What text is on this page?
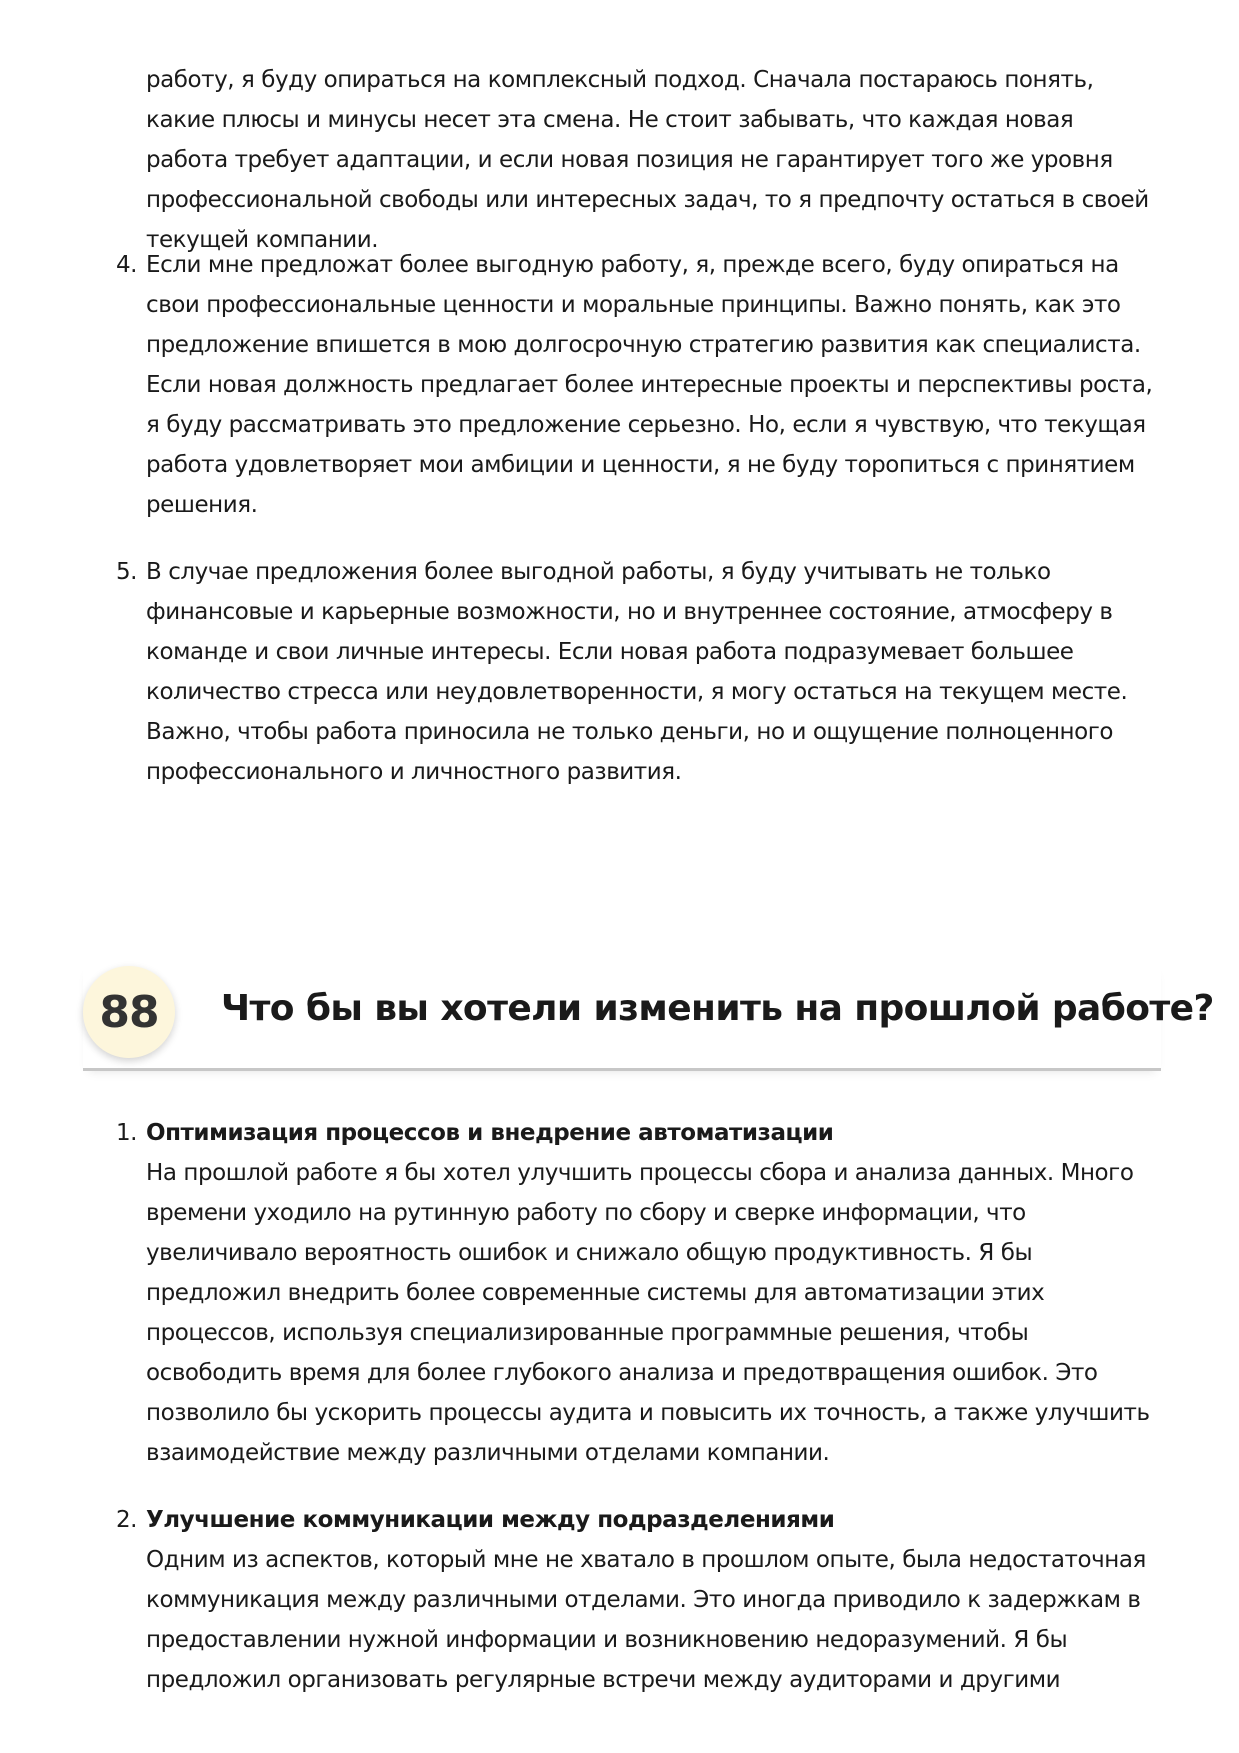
работу, я буду опираться на комплексный подход. Сначала постараюсь понять, какие плюсы и минусы несет эта смена. Не стоит забывать, что каждая новая работа требует адаптации, и если новая позиция не гарантирует того же уровня профессиональной свободы или интересных задач, то я предпочту остаться в своей текущей компании.
4. Если мне предложат более выгодную работу, я, прежде всего, буду опираться на свои профессиональные ценности и моральные принципы. Важно понять, как это предложение впишется в мою долгосрочную стратегию развития как специалиста. Если новая должность предлагает более интересные проекты и перспективы роста, я буду рассматривать это предложение серьезно. Но, если я чувствую, что текущая работа удовлетворяет мои амбиции и ценности, я не буду торопиться с принятием решения.
5. В случае предложения более выгодной работы, я буду учитывать не только финансовые и карьерные возможности, но и внутреннее состояние, атмосферу в команде и свои личные интересы. Если новая работа подразумевает большее количество стресса или неудовлетворенности, я могу остаться на текущем месте. Важно, чтобы работа приносила не только деньги, но и ощущение полноценного профессионального и личностного развития.
88 Что бы вы хотели изменить на прошлой работе?
1. Оптимизация процессов и внедрение автоматизации
На прошлой работе я бы хотел улучшить процессы сбора и анализа данных. Много времени уходило на рутинную работу по сбору и сверке информации, что увеличивало вероятность ошибок и снижало общую продуктивность. Я бы предложил внедрить более современные системы для автоматизации этих процессов, используя специализированные программные решения, чтобы освободить время для более глубокого анализа и предотвращения ошибок. Это позволило бы ускорить процессы аудита и повысить их точность, а также улучшить взаимодействие между различными отделами компании.
2. Улучшение коммуникации между подразделениями
Одним из аспектов, который мне не хватало в прошлом опыте, была недостаточная коммуникация между различными отделами. Это иногда приводило к задержкам в предоставлении нужной информации и возникновению недоразумений. Я бы предложил организовать регулярные встречи между аудиторами и другими
